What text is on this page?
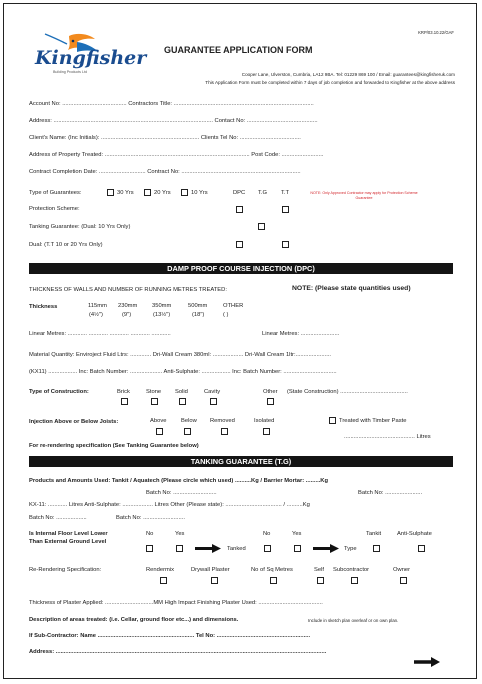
KRP/03.10.22/GAF
Kingfisher
Building Products Ltd
GUARANTEE APPLICATION FORM
Cooper Lane, Ulverston, Cumbria, LA12 9BA. Tel: 01229 869 100 / Email: guarantees@kingfisheruk.com
This Application Form must be completed within 7 days of job completion and forwarded to Kingfisher at the above address
Account No: ........................................ Contractors Title: .......................................................................................
Address: ................................................................................................... Contact No: ............................................
Client's Name: (Inc Initials): ............................................................. Clients Tel No: ......................................
Address of Property Treated: .......................................................................................... Post Code: ..........................
Contract Completion Date: ............................. Contract No: ..........................................................................
Type of Guarantees:	30 Yrs	20 Yrs	10 Yrs	DPC T.G T.T	NOTE: Only Approved Contractor may apply for Protection Scheme Guarantee
Protection Scheme:
Tanking Guarantee: (Dual: 10 Yrs Only)
Dual: (T.T 10 or 20 Yrs Only)
DAMP PROOF COURSE INJECTION (DPC)
THICKNESS OF WALLS AND NUMBER OF RUNNING METRES TREATED:	NOTE: (Please state quantities used)
Thickness	115mm 230mm	350mm	500mm	OTHER
(4½")	(9")	(13½")	(18")	( )
Linear Metres: ............ ............ ............ ............ ............	Linear Metres: ........................
Material Quantity: Enviroject Fluid Ltrs: ............. Dri-Wall Cream 380ml: ................... Dri-Wall Cream 1ltr:......................
(KX11) .................. Inc: Batch Number: .................... Anti-Sulphate: .................. Inc: Batch Number: .................................
Type of Construction:	Brick	Stone Solid	Cavity	Other (State Construction) ..........................................
Injection Above or Below Joists:	Above	Below Removed	Isolated	Treated with Timber Paste
............................................ Litres
For re-rendering specification (See Tanking Guarantee below)
TANKING GUARANTEE (T.G)
Products and Amounts Used: Tankit / Aquatech (Please circle which used) ..........Kg / Barrier Mortar: .........Kg
Batch No: ...........................	Batch No: .......................
KX-11: ............ Litres Anti-Sulphate: ................... Litres Other (Please state): ................................... / ..........Kg
Batch No: ...................	Batch No: ..........................
Is Internal Floor Level Lower
Than External Ground Level
No	Yes
Tanked
No	Yes
Type
Tankit	Anti-Sulphate
Re-Rendering Specification:	Rendermix	Drywall Plaster	No of Sq Metres	Self Subcontractor	Owner
Thickness of Plaster Applied: ..............................MM High Impact Finishing Plaster Used: ........................................
Description of areas treated: (i.e. Cellar, ground floor etc...) and dimensions.	Include in sketch plan overleaf or on own plan.
If Sub-Contractor: Name ............................................................ Tel No: ..........................................................
Address: ........................................................................................................................................................................
